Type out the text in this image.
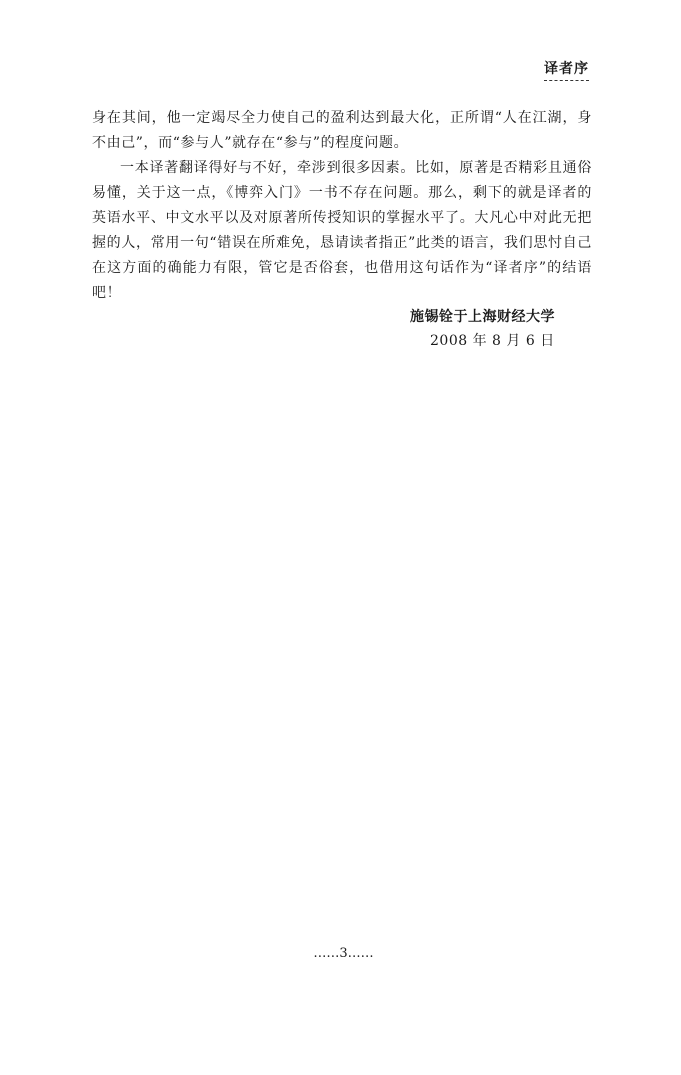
译者序

身在其间，他一定竭尽全力使自己的盈利达到最大化，正所谓“人在江湖，身不由己”，而“参与人”就存在“参与”的程度问题。

一本译著翻译得好与不好，牵涉到很多因素。比如，原著是否精彩且通俗易懂，关于这一点，《博弈入门》一书不存在问题。那么，剩下的就是译者的英语水平、中文水平以及对原著所传授知识的掌握水平了。大凡心中对此无把握的人，常用一句“错误在所难免，恳请读者指正”此类的语言，我们思忖自己在这方面的确能力有限，管它是否俗套，也借用这句话作为“译者序”的结语吧！

施锡铨于上海财经大学
2008 年 8 月 6 日
……3……
